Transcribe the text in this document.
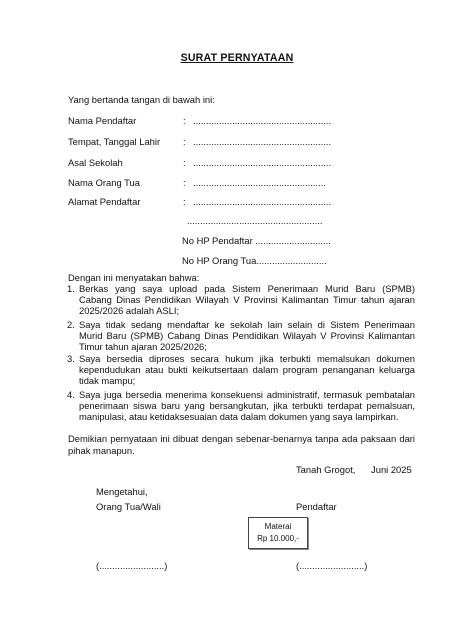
SURAT PERNYATAAN
Yang bertanda tangan di bawah ini:
Nama Pendaftar	: .....................................................
Tempat, Tanggal Lahir : .....................................................
Asal Sekolah	: .....................................................
Nama Orang Tua	: ...................................................
Alamat Pendaftar	: .....................................................
....................................................
No HP Pendaftar .............................
No HP Orang Tua...........................
Dengan ini menyatakan bahwa:
1. Berkas yang saya upload pada Sistem Penerimaan Murid Baru (SPMB)
Cabang Dinas Pendidikan Wilayah V Provinsi Kalimantan Timur tahun ajaran
2025/2026 adalah ASLI;
2. Saya tidak sedang mendaftar ke sekolah lain selain di Sistem Penerimaan
Murid Baru (SPMB) Cabang Dinas Pendidikan Wilayah V Provinsi Kalimantan
Timur tahun ajaran 2025/2026;
3. Saya bersedia diproses secara hukum jika terbukti memalsukan dokumen
kependudukan atau bukti keikutsertaan dalam program penanganan keluarga
tidak mampu;
4. Saya juga bersedia menerima konsekuensi administratif, termasuk pembatalan
penerimaan siswa baru yang bersangkutan, jika terbukti terdapat pemalsuan,
manipulasi, atau ketidaksesuaian data dalam dokumen yang saya lampirkan.
Demikian pernyataan ini dibuat dengan sebenar-benarnya tanpa ada paksaan dari
pihak manapun.
Tanah Grogot,      Juni 2025
Mengetahui,
Orang Tua/Wali	Pendaftar
Materai
Rp 10.000,-
(.........................)	(.........................)
